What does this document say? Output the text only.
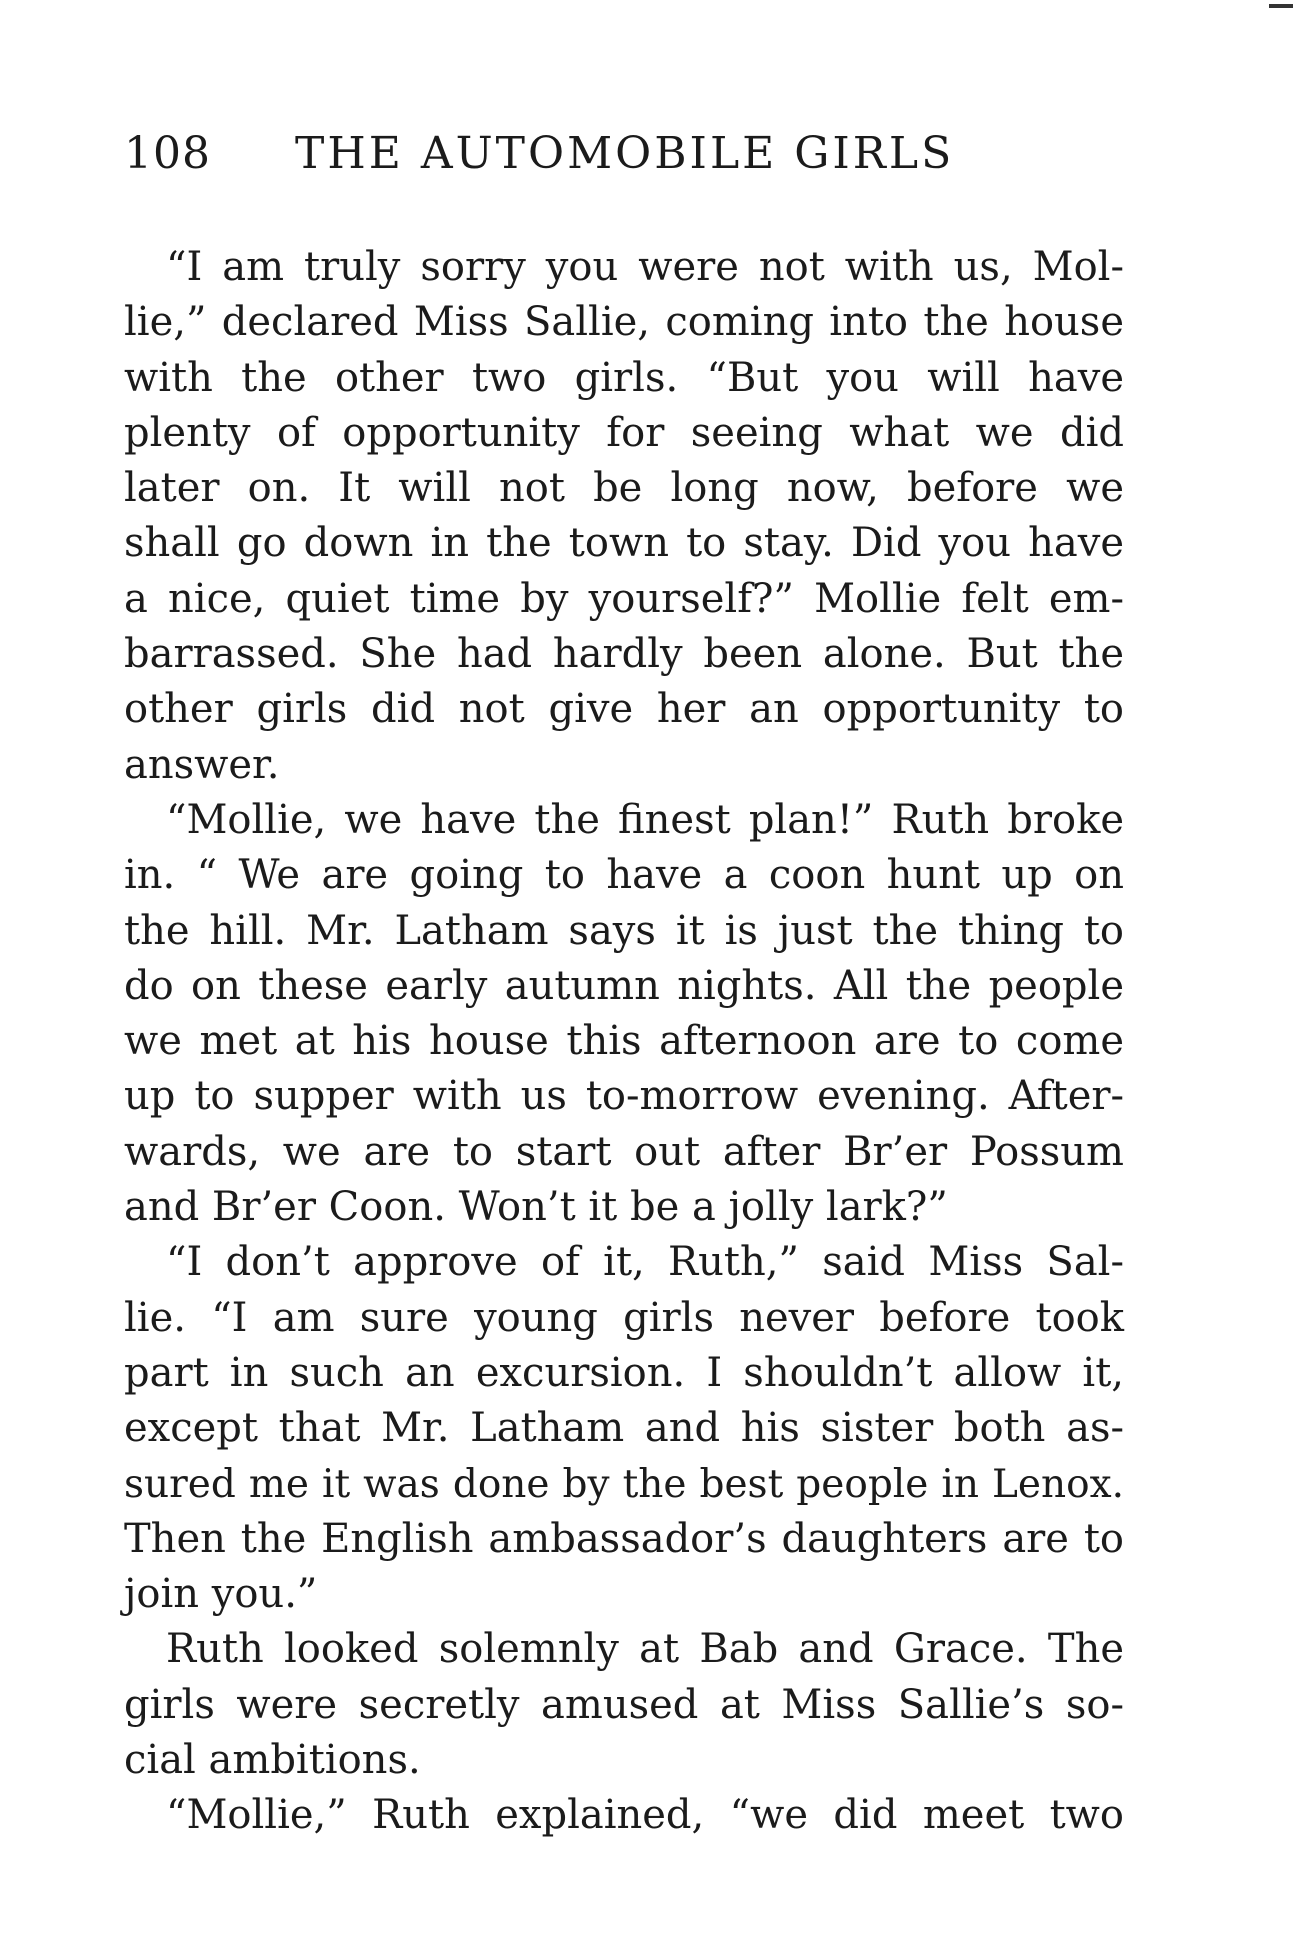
108 THE AUTOMOBILE GIRLS
“I am truly sorry you were not with us, Mol-
lie,” declared Miss Sallie, coming into the house
with the other two girls. “But you will have
plenty of opportunity for seeing what we did
later on. It will not be long now, before we
shall go down in the town to stay. Did you have
a nice, quiet time by yourself?” Mollie felt em-
barrassed. She had hardly been alone. But the
other girls did not give her an opportunity to
answer.
“Mollie, we have the finest plan!” Ruth broke
in. “ We are going to have a coon hunt up on
the hill. Mr. Latham says it is just the thing to
do on these early autumn nights. All the people
we met at his house this afternoon are to come
up to supper with us to-morrow evening. After-
wards, we are to start out after Br’er Possum
and Br’er Coon. Won’t it be a jolly lark?”
“I don’t approve of it, Ruth,” said Miss Sal-
lie. “I am sure young girls never before took
part in such an excursion. I shouldn’t allow it,
except that Mr. Latham and his sister both as-
sured me it was done by the best people in Lenox.
Then the English ambassador’s daughters are to
join you.”
Ruth looked solemnly at Bab and Grace. The
girls were secretly amused at Miss Sallie’s so-
cial ambitions.
“Mollie,” Ruth explained, “we did meet two
